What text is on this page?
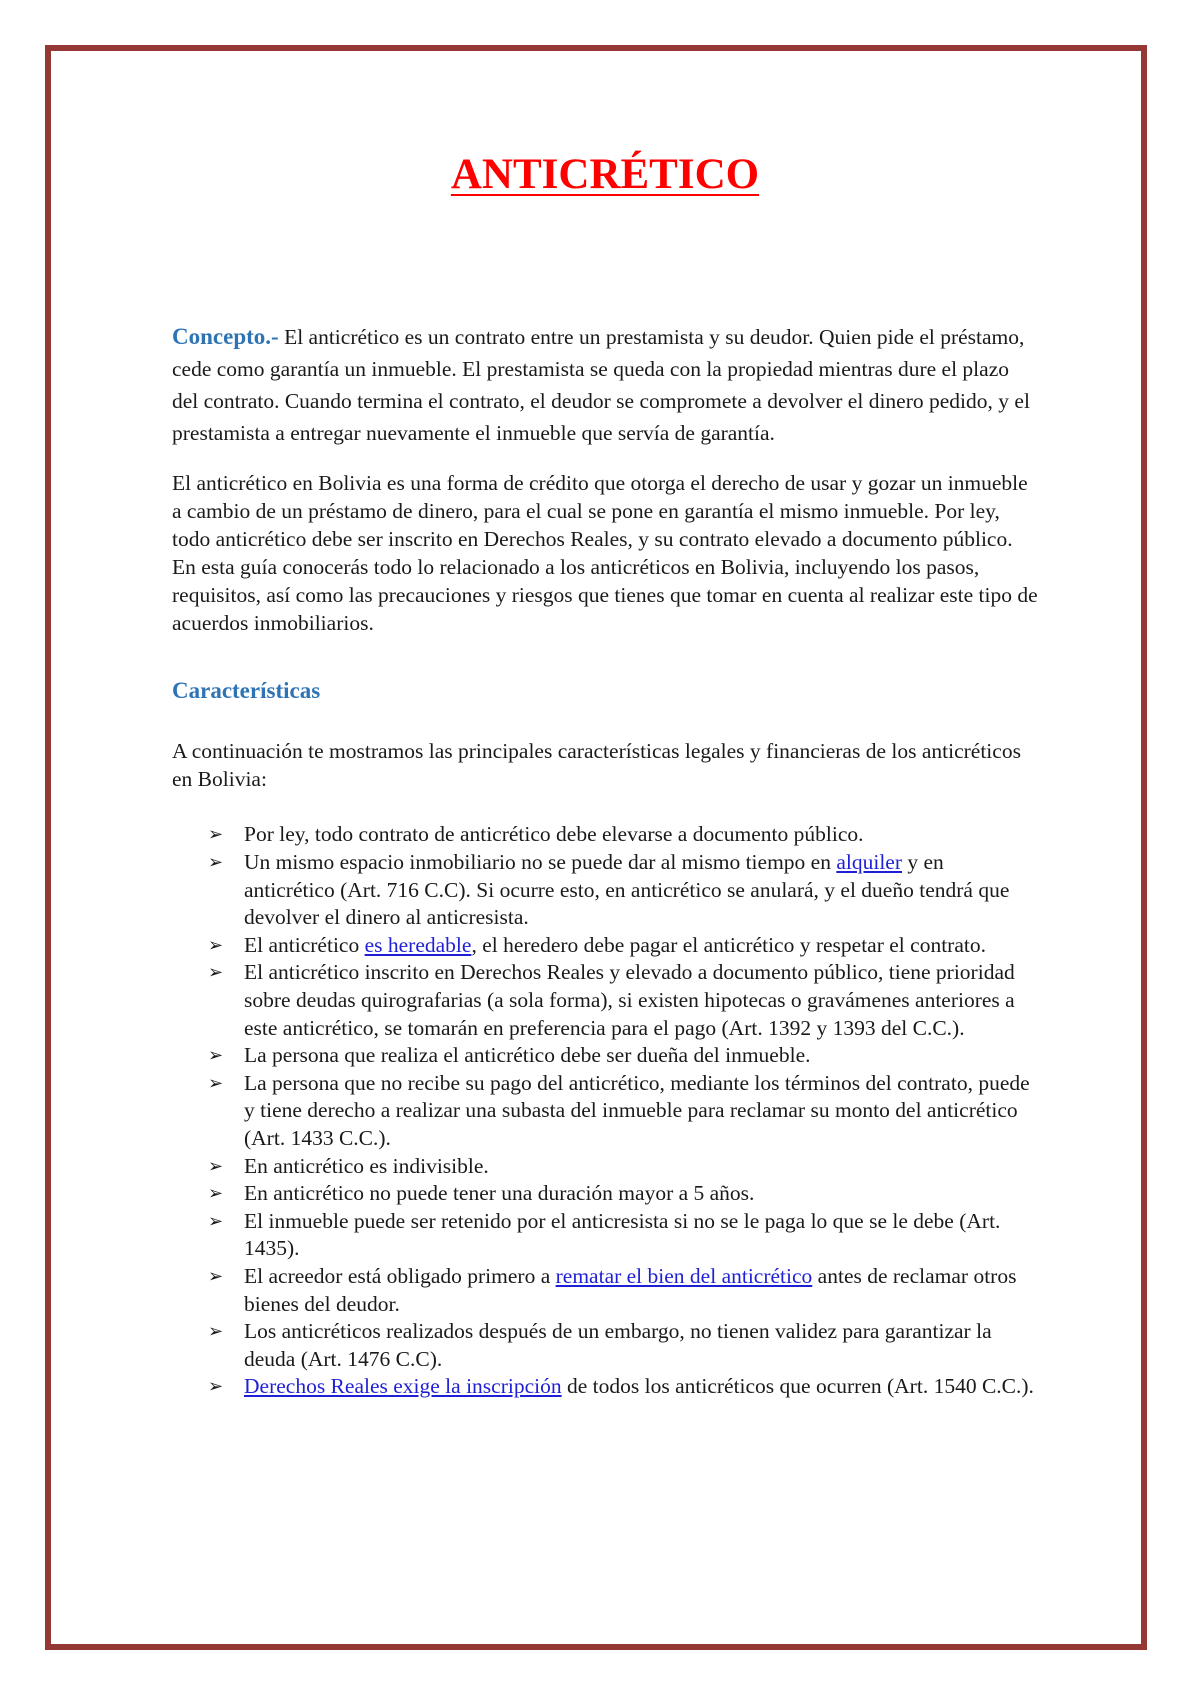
ANTICRÉTICO

Concepto.- El anticrético es un contrato entre un prestamista y su deudor. Quien pide el préstamo, cede como garantía un inmueble. El prestamista se queda con la propiedad mientras dure el plazo del contrato. Cuando termina el contrato, el deudor se compromete a devolver el dinero pedido, y el prestamista a entregar nuevamente el inmueble que servía de garantía.

El anticrético en Bolivia es una forma de crédito que otorga el derecho de usar y gozar un inmueble a cambio de un préstamo de dinero, para el cual se pone en garantía el mismo inmueble. Por ley, todo anticrético debe ser inscrito en Derechos Reales, y su contrato elevado a documento público.

En esta guía conocerás todo lo relacionado a los anticréticos en Bolivia, incluyendo los pasos, requisitos, así como las precauciones y riesgos que tienes que tomar en cuenta al realizar este tipo de acuerdos inmobiliarios.

Características

A continuación te mostramos las principales características legales y financieras de los anticréticos en Bolivia:

➢ Por ley, todo contrato de anticrético debe elevarse a documento público.
➢ Un mismo espacio inmobiliario no se puede dar al mismo tiempo en alquiler y en anticrético (Art. 716 C.C). Si ocurre esto, en anticrético se anulará, y el dueño tendrá que devolver el dinero al anticresista.
➢ El anticrético es heredable, el heredero debe pagar el anticrético y respetar el contrato.
➢ El anticrético inscrito en Derechos Reales y elevado a documento público, tiene prioridad sobre deudas quirografarias (a sola forma), si existen hipotecas o gravámenes anteriores a este anticrético, se tomarán en preferencia para el pago (Art. 1392 y 1393 del C.C.).
➢ La persona que realiza el anticrético debe ser dueña del inmueble.
➢ La persona que no recibe su pago del anticrético, mediante los términos del contrato, puede y tiene derecho a realizar una subasta del inmueble para reclamar su monto del anticrético (Art. 1433 C.C.).
➢ En anticrético es indivisible.
➢ En anticrético no puede tener una duración mayor a 5 años.
➢ El inmueble puede ser retenido por el anticresista si no se le paga lo que se le debe (Art. 1435).
➢ El acreedor está obligado primero a rematar el bien del anticrético antes de reclamar otros bienes del deudor.
➢ Los anticréticos realizados después de un embargo, no tienen validez para garantizar la deuda (Art. 1476 C.C).
➢ Derechos Reales exige la inscripción de todos los anticréticos que ocurren (Art. 1540 C.C.).
